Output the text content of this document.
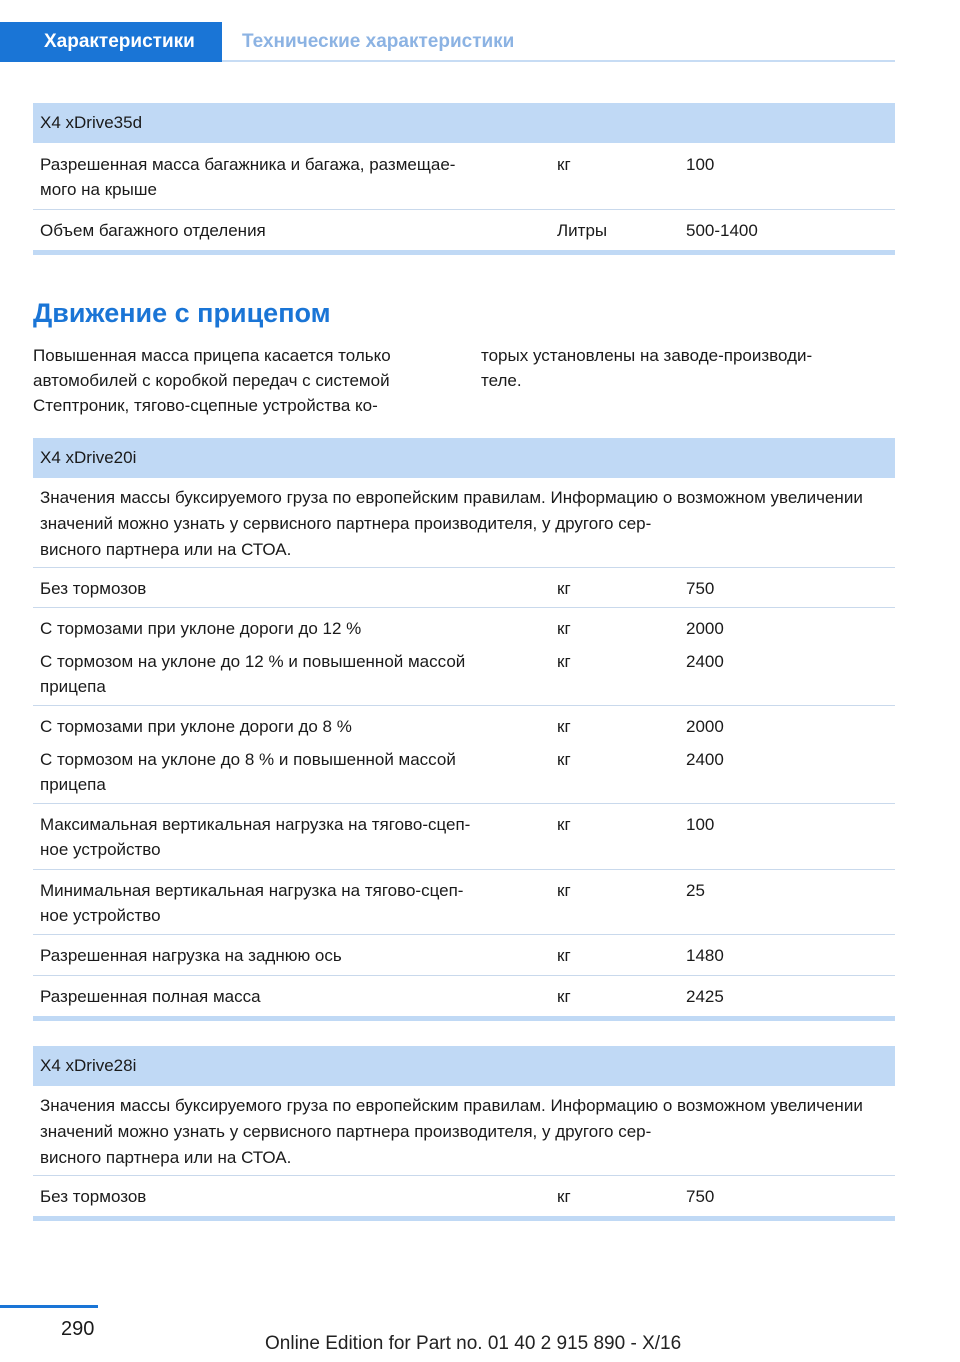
Характеристики	Технические характеристики
X4 xDrive35d
Разрешенная масса багажника и багажа, размещае-
мого на крыше
кг	100
Объем багажного отделения	Литры	500-1400
Движение с прицепом
Повышенная масса прицепа касается только
автомобилей с коробкой передач с системой
Стептроник, тягово-сцепные устройства ко-
торых установлены на заводе-производи-
теле.
X4 xDrive20i
Значения массы буксируемого груза по европейским правилам. Информацию о возможном увеличении значений можно узнать у сервисного партнера производителя, у другого сер-
висного партнера или на СТОА.
Без тормозов	кг	750
С тормозами при уклоне дороги до 12 %	кг	2000
С тормозом на уклоне до 12 % и повышенной массой
прицепа
кг	2400
С тормозами при уклоне дороги до 8 %	кг	2000
С тормозом на уклоне до 8 % и повышенной массой
прицепа
кг	2400
Максимальная вертикальная нагрузка на тягово-сцеп-
ное устройство
кг	100
Минимальная вертикальная нагрузка на тягово-сцеп-
ное устройство
кг	25
Разрешенная нагрузка на заднюю ось	кг	1480
Разрешенная полная масса	кг	2425
X4 xDrive28i
Значения массы буксируемого груза по европейским правилам. Информацию о возможном увеличении значений можно узнать у сервисного партнера производителя, у другого сер-
висного партнера или на СТОА.
Без тормозов	кг	750
290
Online Edition for Part no. 01 40 2 915 890 - X/16
